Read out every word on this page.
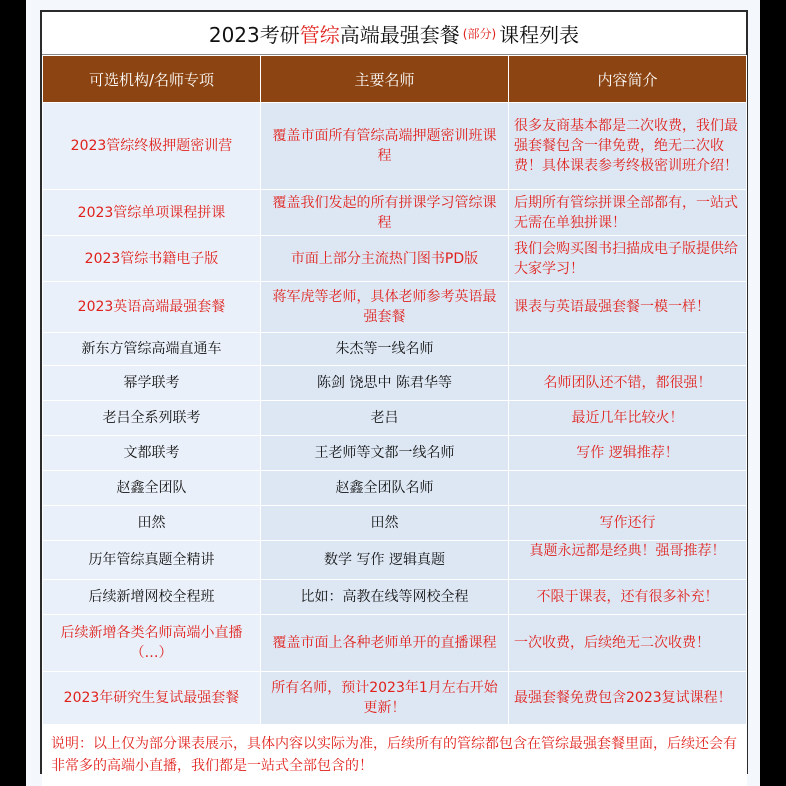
2023考研 管综 高端最强套餐 (部分) 课程列表
可选机构/名师专项	主要名师	内容简介
2023管综终极押题密训营	覆盖市面所有管综高端押题密训班课程	很多友商基本都是二次收费，我们最强套餐包含一律免费，绝无二次收费！具体课表参考终极密训班介绍！
2023管综单项课程拼课	覆盖我们发起的所有拼课学习管综课程	后期所有管综拼课全部都有，一站式无需在单独拼课！
2023管综书籍电子版	市面上部分主流热门图书PD版	我们会购买图书扫描成电子版提供给大家学习！
2023英语高端最强套餐	蒋军虎等老师，具体老师参考英语最强套餐	课表与英语最强套餐一模一样！
新东方管综高端直通车	朱杰等一线名师	
幂学联考	陈剑 饶思中 陈君华等	名师团队还不错，都很强！
老吕全系列联考	老吕	最近几年比较火！
文都联考	王老师等文都一线名师	写作 逻辑推荐！
赵鑫全团队	赵鑫全团队名师	
田然	田然	写作还行
历年管综真题全精讲	数学 写作 逻辑真题	真题永远都是经典！强哥推荐！

后续新增网校全程班	比如：高教在线等网校全程	不限于课表，还有很多补充！
后续新增各类名师高端小直播（…）	覆盖市面上各种老师单开的直播课程	一次收费，后续绝无二次收费！
2023年研究生复试最强套餐	所有名师，预计2023年1月左右开始更新！	最强套餐免费包含2023复试课程！
说明：以上仅为部分课表展示，具体内容以实际为准，后续所有的管综都包含在管综最强套餐里面，后续还会有非常多的高端小直播，我们都是一站式全部包含的！		
